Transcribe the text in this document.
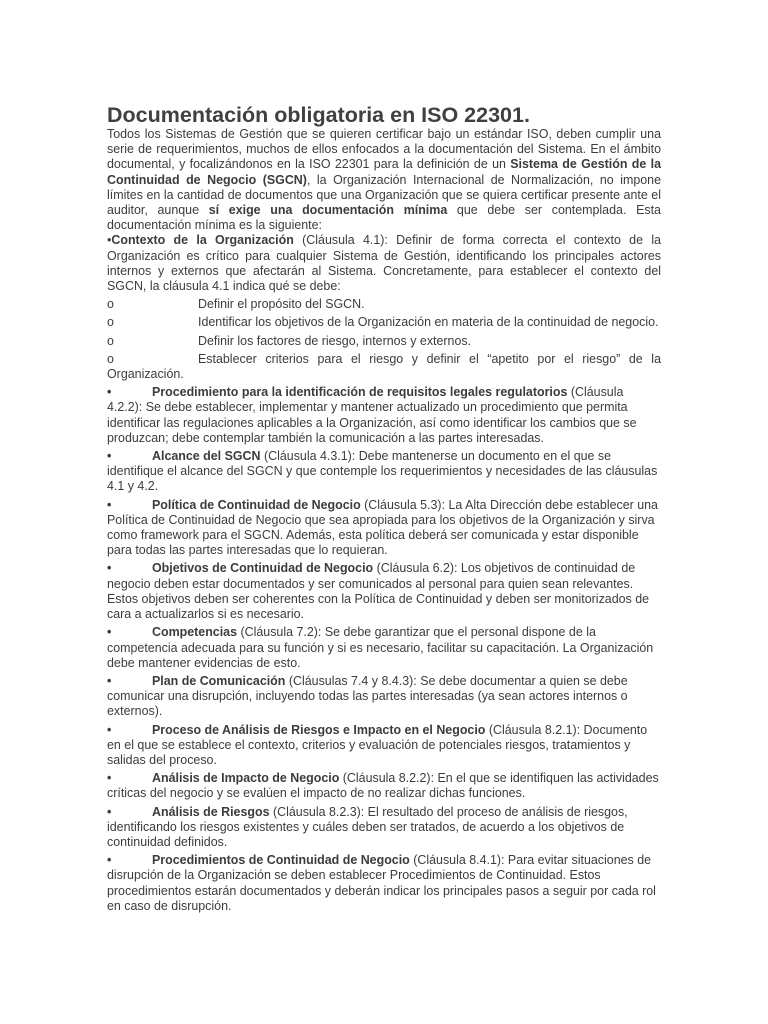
Documentación obligatoria en ISO 22301.

Todos los Sistemas de Gestión que se quieren certificar bajo un estándar ISO, deben cumplir una serie de requerimientos, muchos de ellos enfocados a la documentación del Sistema. En el ámbito documental, y focalizándonos en la ISO 22301 para la definición de un Sistema de Gestión de la Continuidad de Negocio (SGCN), la Organización Internacional de Normalización, no impone límites en la cantidad de documentos que una Organización que se quiera certificar presente ante el auditor, aunque sí exige una documentación mínima que debe ser contemplada. Esta documentación mínima es la siguiente:

•Contexto de la Organización (Cláusula 4.1): Definir de forma correcta el contexto de la Organización es crítico para cualquier Sistema de Gestión, identificando los principales actores internos y externos que afectarán al Sistema. Concretamente, para establecer el contexto del SGCN, la cláusula 4.1 indica qué se debe:

o	Definir el propósito del SGCN.

o	Identificar los objetivos de la Organización en materia de la continuidad de negocio.

o	Definir los factores de riesgo, internos y externos.

o	Establecer criterios para el riesgo y definir el “apetito por el riesgo” de la Organización.

•	Procedimiento para la identificación de requisitos legales regulatorios (Cláusula 4.2.2): Se debe establecer, implementar y mantener actualizado un procedimiento que permita identificar las regulaciones aplicables a la Organización, así como identificar los cambios que se produzcan; debe contemplar también la comunicación a las partes interesadas.

•	Alcance del SGCN (Cláusula 4.3.1): Debe mantenerse un documento en el que se identifique el alcance del SGCN y que contemple los requerimientos y necesidades de las cláusulas 4.1 y 4.2.

•	Política de Continuidad de Negocio (Cláusula 5.3): La Alta Dirección debe establecer una Política de Continuidad de Negocio que sea apropiada para los objetivos de la Organización y sirva como framework para el SGCN. Además, esta política deberá ser comunicada y estar disponible para todas las partes interesadas que lo requieran.

•	Objetivos de Continuidad de Negocio (Cláusula 6.2): Los objetivos de continuidad de negocio deben estar documentados y ser comunicados al personal para quien sean relevantes. Estos objetivos deben ser coherentes con la Política de Continuidad y deben ser monitorizados de cara a actualizarlos si es necesario.

•	Competencias (Cláusula 7.2): Se debe garantizar que el personal dispone de la competencia adecuada para su función y si es necesario, facilitar su capacitación. La Organización debe mantener evidencias de esto.

•	Plan de Comunicación (Cláusulas 7.4 y 8.4.3): Se debe documentar a quien se debe comunicar una disrupción, incluyendo todas las partes interesadas (ya sean actores internos o externos).

•	Proceso de Análisis de Riesgos e Impacto en el Negocio (Cláusula 8.2.1): Documento en el que se establece el contexto, criterios y evaluación de potenciales riesgos, tratamientos y salidas del proceso.

•	Análisis de Impacto de Negocio (Cláusula 8.2.2): En el que se identifiquen las actividades críticas del negocio y se evalúen el impacto de no realizar dichas funciones.

•	Análisis de Riesgos (Cláusula 8.2.3): El resultado del proceso de análisis de riesgos, identificando los riesgos existentes y cuáles deben ser tratados, de acuerdo a los objetivos de continuidad definidos.

•	Procedimientos de Continuidad de Negocio (Cláusula 8.4.1): Para evitar situaciones de disrupción de la Organización se deben establecer Procedimientos de Continuidad. Estos procedimientos estarán documentados y deberán indicar los principales pasos a seguir por cada rol en caso de disrupción.
